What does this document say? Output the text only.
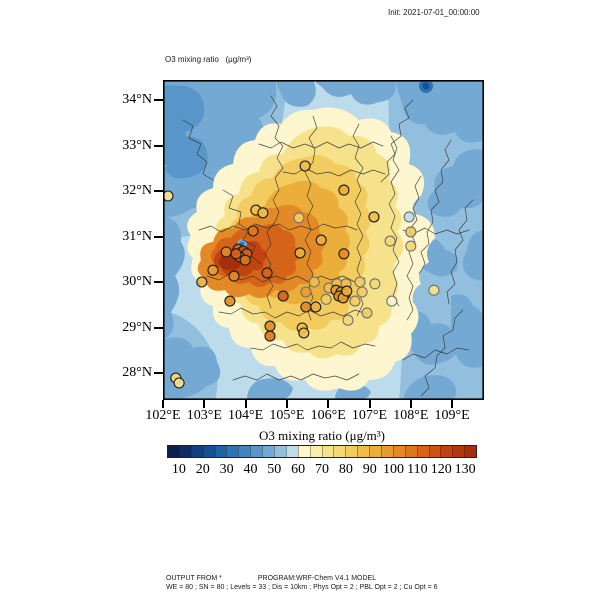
Init: 2021-07-01_00:00:00
O3 mixing ratio   (μg/m³)
34°N
33°N
32°N
31°N
30°N
29°N
28°N
102°E 103°E 104°E 105°E 106°E 107°E 108°E 109°E
O3 mixing ratio (μg/m³)
10 20 30 40 50 60 70 80 90 100 110 120 130
OUTPUT FROM *	PROGRAM:WRF-Chem V4.1 MODEL
WE = 80 ; SN = 80 ; Levels = 33 ; Dis = 10km ; Phys Opt = 2 ; PBL Opt = 2 ; Cu Opt = 6
